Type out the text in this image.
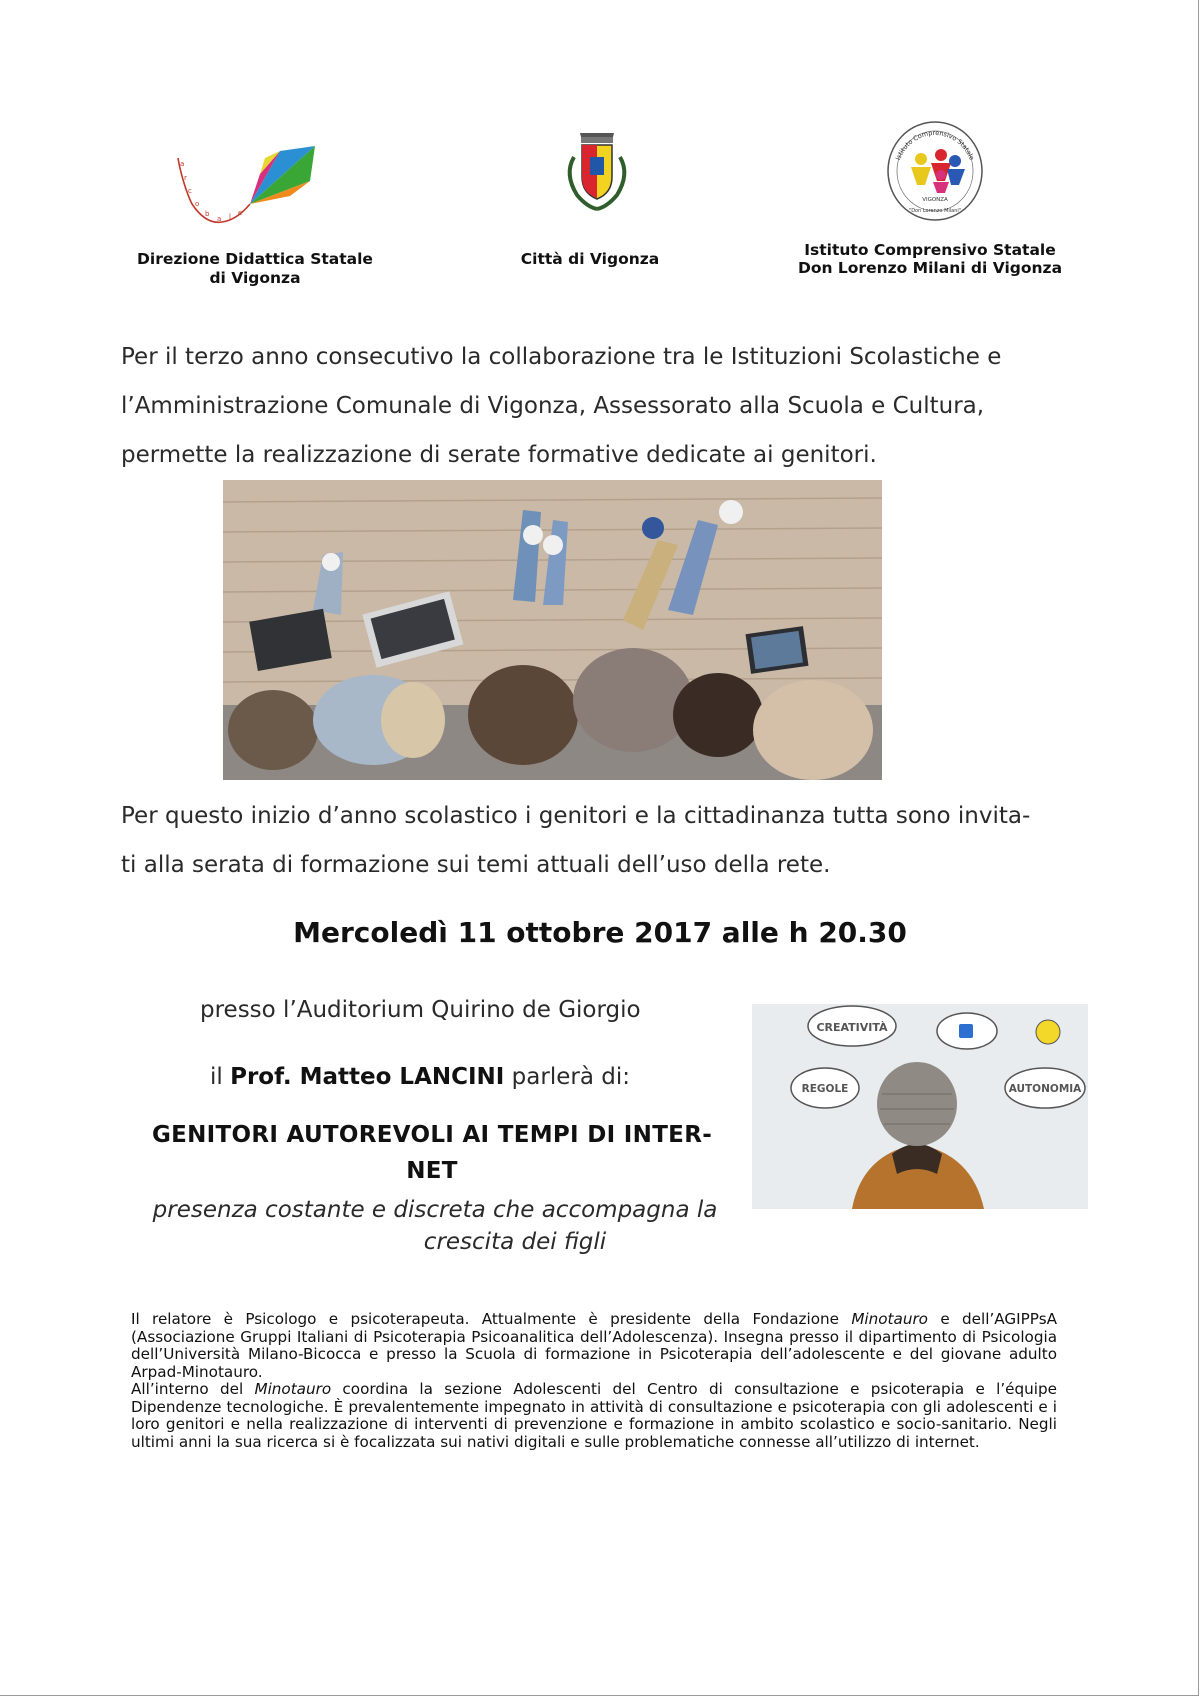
a
r
c
o
b
a l e
VIGONZA
"Don Lorenzo Milani"
Istituto Comprensivo Statale
Direzione Didattica Statale
di Vigonza
Città di Vigonza	Istituto Comprensivo Statale
Don Lorenzo Milani di Vigonza
Per il terzo anno consecutivo la collaborazione tra le Istituzioni Scolastiche e
l’Amministrazione Comunale di Vigonza, Assessorato alla Scuola e Cultura,
permette la realizzazione di serate formative dedicate ai genitori.
Per questo inizio d’anno scolastico i genitori e la cittadinanza tutta sono invita-
ti alla serata di formazione sui temi attuali dell’uso della rete.
Mercoledì 11 ottobre 2017 alle h 20.30
presso l’Auditorium Quirino de Giorgio
il Prof. Matteo LANCINI parlerà di:
GENITORI AUTOREVOLI AI TEMPI DI INTER-
NET
presenza costante e discreta che accompagna la
crescita dei figli
CREATIVITÀ
REGOLE	AUTONOMIA

Il relatore è Psicologo e psicoterapeuta. Attualmente è presidente della Fondazione Minotauro e dell’AGIPPsA (Associazione Gruppi Italiani di Psicoterapia Psicoanalitica dell’Adolescenza). Insegna presso il dipartimento di Psicologia dell’Università Milano-Bicocca e presso la Scuola di formazione in Psicoterapia dell’adolescente e del giovane adulto Arpad-Minotauro.

All’interno del Minotauro coordina la sezione Adolescenti del Centro di consultazione e psicoterapia e l’équipe Dipendenze tecnologiche. È prevalentemente impegnato in attività di consultazione e psicoterapia con gli adolescenti e i loro genitori e nella realizzazione di interventi di prevenzione e formazione in ambito scolastico e socio-sanitario. Negli ultimi anni la sua ricerca si è focalizzata sui nativi digitali e sulle problematiche connesse all’utilizzo di internet.
